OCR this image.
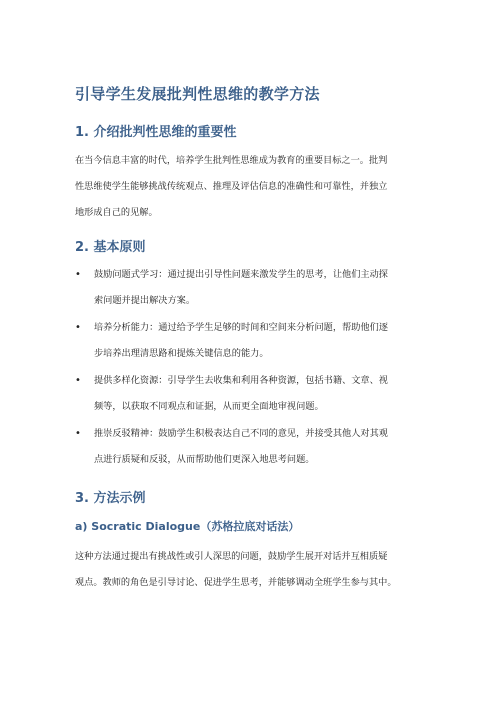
引导学生发展批判性思维的教学方法
1. 介绍批判性思维的重要性
在当今信息丰富的时代，培养学生批判性思维成为教育的重要目标之一。批判
性思维使学生能够挑战传统观点、推理及评估信息的准确性和可靠性，并独立
地形成自己的见解。
2. 基本原则
• 鼓励问题式学习：通过提出引导性问题来激发学生的思考，让他们主动探
索问题并提出解决方案。
• 培养分析能力：通过给予学生足够的时间和空间来分析问题，帮助他们逐
步培养出理清思路和提炼关键信息的能力。
• 提供多样化资源：引导学生去收集和利用各种资源，包括书籍、文章、视
频等，以获取不同观点和证据，从而更全面地审视问题。
• 推崇反驳精神：鼓励学生积极表达自己不同的意见，并接受其他人对其观
点进行质疑和反驳，从而帮助他们更深入地思考问题。
3. 方法示例
a) Socratic Dialogue（苏格拉底对话法）
这种方法通过提出有挑战性或引人深思的问题，鼓励学生展开对话并互相质疑
观点。教师的角色是引导讨论、促进学生思考，并能够调动全班学生参与其中。
